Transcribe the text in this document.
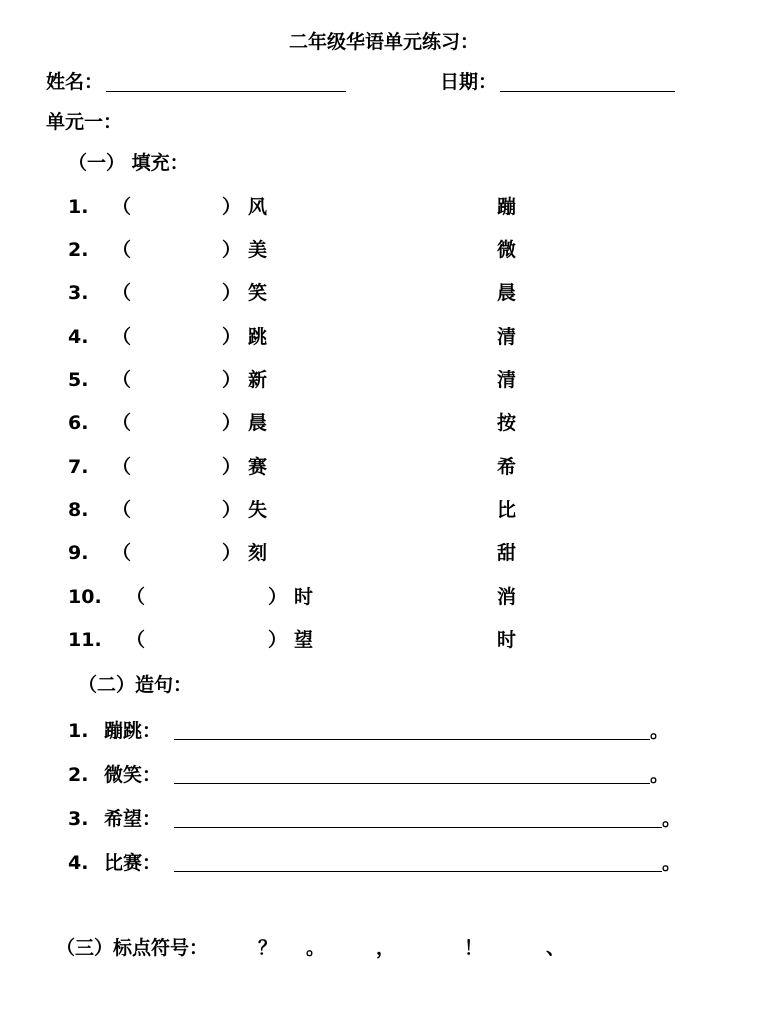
二年级华语单元练习：
姓名：	日期：
单元一：
（一） 填充：
1. （	） 风	蹦
2. （	） 美	微
3. （	） 笑	晨
4. （	） 跳	清
5. （	） 新	清
6. （	） 晨	按
7. （	） 赛	希
8. （	） 失	比
9. （	） 刻	甜
10. （	） 时	消
11. （	） 望	时
（二）造句：
1. 蹦跳：	。
2. 微笑：	。
3. 希望：	。
4. 比赛：	。
（三）标点符号：	？ 。	，	！	、
